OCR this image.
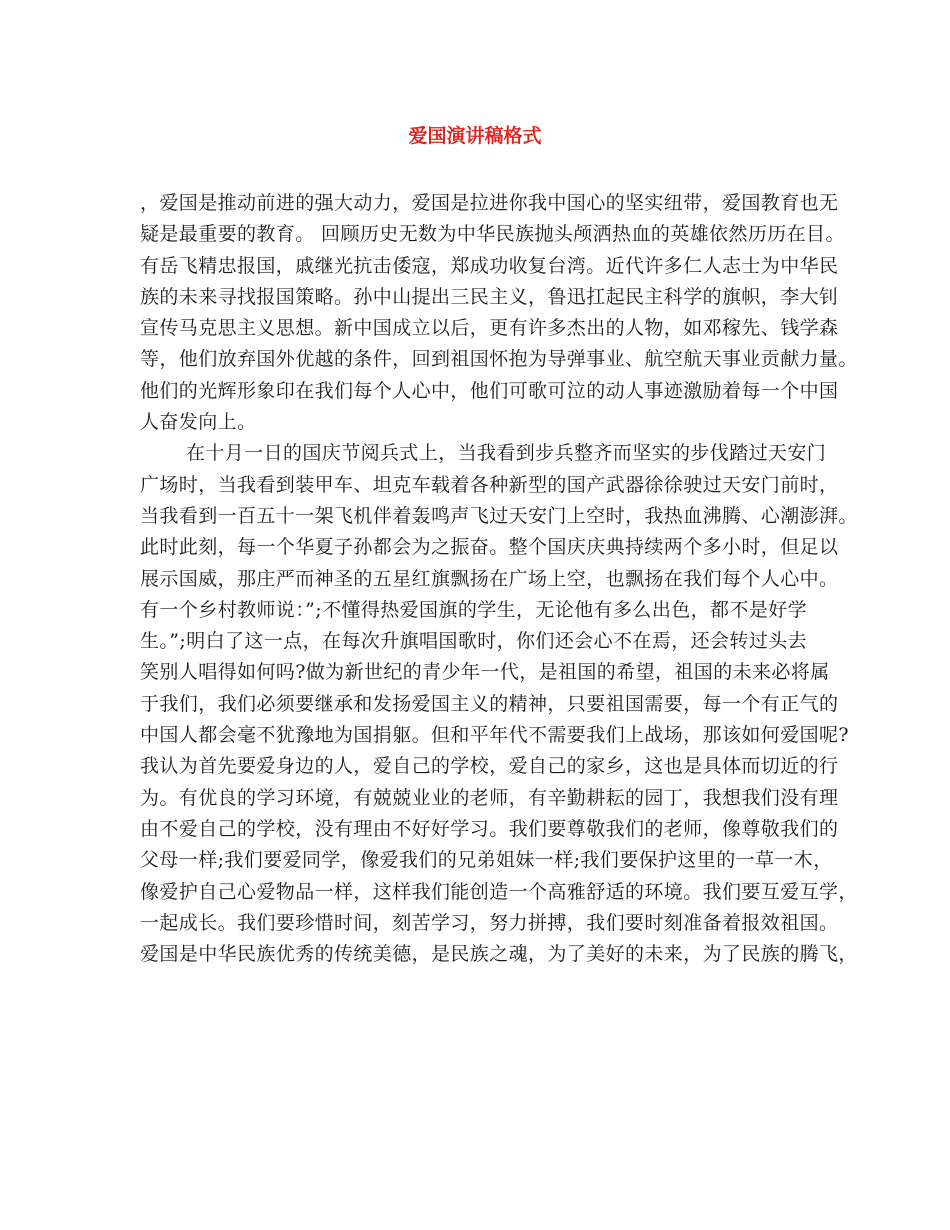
爱国演讲稿格式

，爱国是推动前进的强大动力，爱国是拉进你我中国心的坚实纽带，爱国教育也无
疑是最重要的教育。 回顾历史无数为中华民族抛头颅洒热血的英雄依然历历在目。
有岳飞精忠报国，戚继光抗击倭寇，郑成功收复台湾。近代许多仁人志士为中华民
族的未来寻找报国策略。孙中山提出三民主义，鲁迅扛起民主科学的旗帜，李大钊
宣传马克思主义思想。新中国成立以后，更有许多杰出的人物，如邓稼先、钱学森
等，他们放弃国外优越的条件，回到祖国怀抱为导弹事业、航空航天事业贡献力量。
他们的光辉形象印在我们每个人心中，他们可歌可泣的动人事迹激励着每一个中国
人奋发向上。

在十月一日的国庆节阅兵式上，当我看到步兵整齐而坚实的步伐踏过天安门
广场时，当我看到装甲车、坦克车载着各种新型的国产武器徐徐驶过天安门前时，
当我看到一百五十一架飞机伴着轰鸣声飞过天安门上空时，我热血沸腾、心潮澎湃。
此时此刻，每一个华夏子孙都会为之振奋。整个国庆庆典持续两个多小时，但足以
展示国威，那庄严而神圣的五星红旗飘扬在广场上空，也飘扬在我们每个人心中。
有一个乡村教师说：”;不懂得热爱国旗的学生，无论他有多么出色，都不是好学
生。”;明白了这一点，在每次升旗唱国歌时，你们还会心不在焉，还会转过头去
笑别人唱得如何吗?做为新世纪的青少年一代，是祖国的希望，祖国的未来必将属
于我们，我们必须要继承和发扬爱国主义的精神，只要祖国需要，每一个有正气的
中国人都会毫不犹豫地为国捐躯。但和平年代不需要我们上战场，那该如何爱国呢?
我认为首先要爱身边的人，爱自己的学校，爱自己的家乡，这也是具体而切近的行
为。有优良的学习环境，有兢兢业业的老师，有辛勤耕耘的园丁，我想我们没有理
由不爱自己的学校，没有理由不好好学习。我们要尊敬我们的老师，像尊敬我们的
父母一样;我们要爱同学，像爱我们的兄弟姐妹一样;我们要保护这里的一草一木，
像爱护自己心爱物品一样，这样我们能创造一个高雅舒适的环境。我们要互爱互学，
一起成长。我们要珍惜时间，刻苦学习，努力拼搏，我们要时刻准备着报效祖国。
爱国是中华民族优秀的传统美德，是民族之魂，为了美好的未来，为了民族的腾飞，
